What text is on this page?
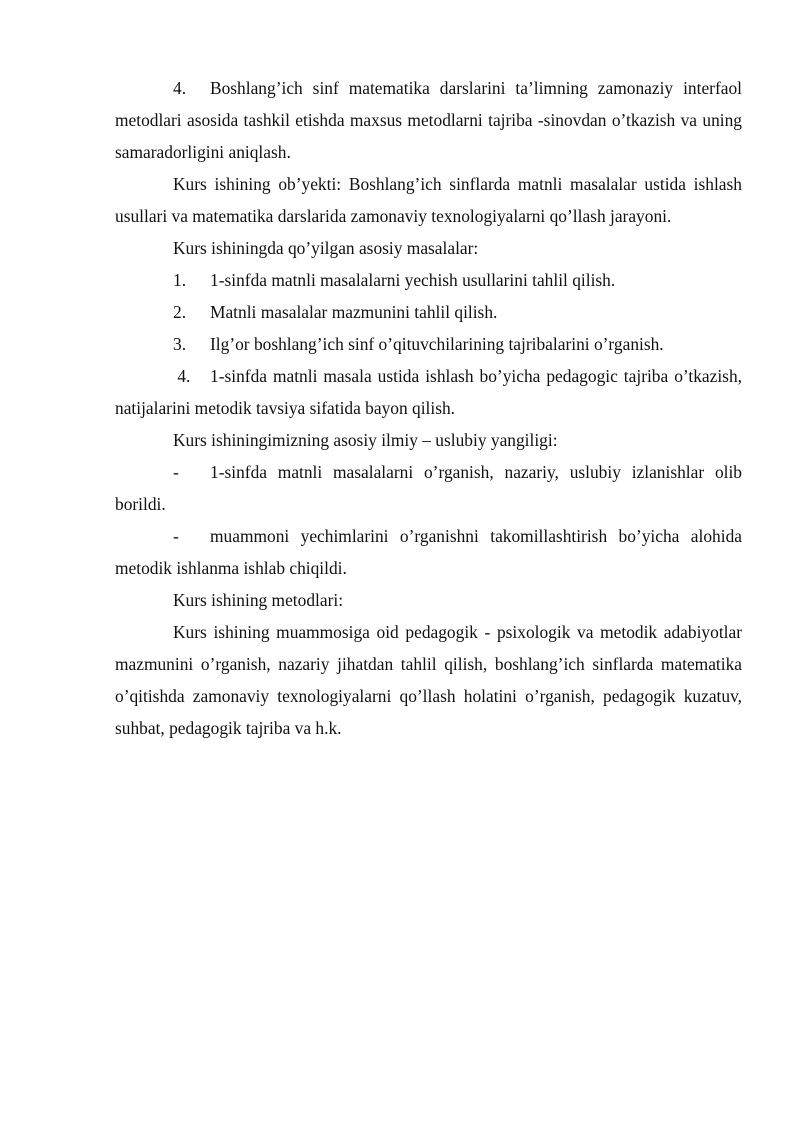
4. Boshlang’ich sinf matematika darslarini ta’limning zamonaziy interfaol metodlari asosida tashkil etishda maxsus metodlarni tajriba -sinovdan o’tkazish va uning samaradorligini aniqlash.

Kurs ishining ob’yekti: Boshlang’ich sinflarda matnli masalalar ustida ishlash usullari va matematika darslarida zamonaviy texnologiyalarni qo’llash jarayoni.

Kurs ishiningda qo’yilgan asosiy masalalar:

1. 1-sinfda matnli masalalarni yechish usullarini tahlil qilish.

2. Matnli masalalar mazmunini tahlil qilish.

3. Ilg’or boshlang’ich sinf o’qituvchilarining tajribalarini o’rganish.

4. 1-sinfda matnli masala ustida ishlash bo’yicha pedagogic tajriba o’tkazish, natijalarini metodik tavsiya sifatida bayon qilish.

Kurs ishiningimizning asosiy ilmiy – uslubiy yangiligi:

- 1-sinfda matnli masalalarni o’rganish, nazariy, uslubiy izlanishlar olib borildi.

- muammoni yechimlarini o’rganishni takomillashtirish bo’yicha alohida metodik ishlanma ishlab chiqildi.

Kurs ishining metodlari:

Kurs ishining muammosiga oid pedagogik - psixologik va metodik adabiyotlar mazmunini o’rganish, nazariy jihatdan tahlil qilish, boshlang’ich sinflarda matematika o’qitishda zamonaviy texnologiyalarni qo’llash holatini o’rganish, pedagogik kuzatuv, suhbat, pedagogik tajriba va h.k.
